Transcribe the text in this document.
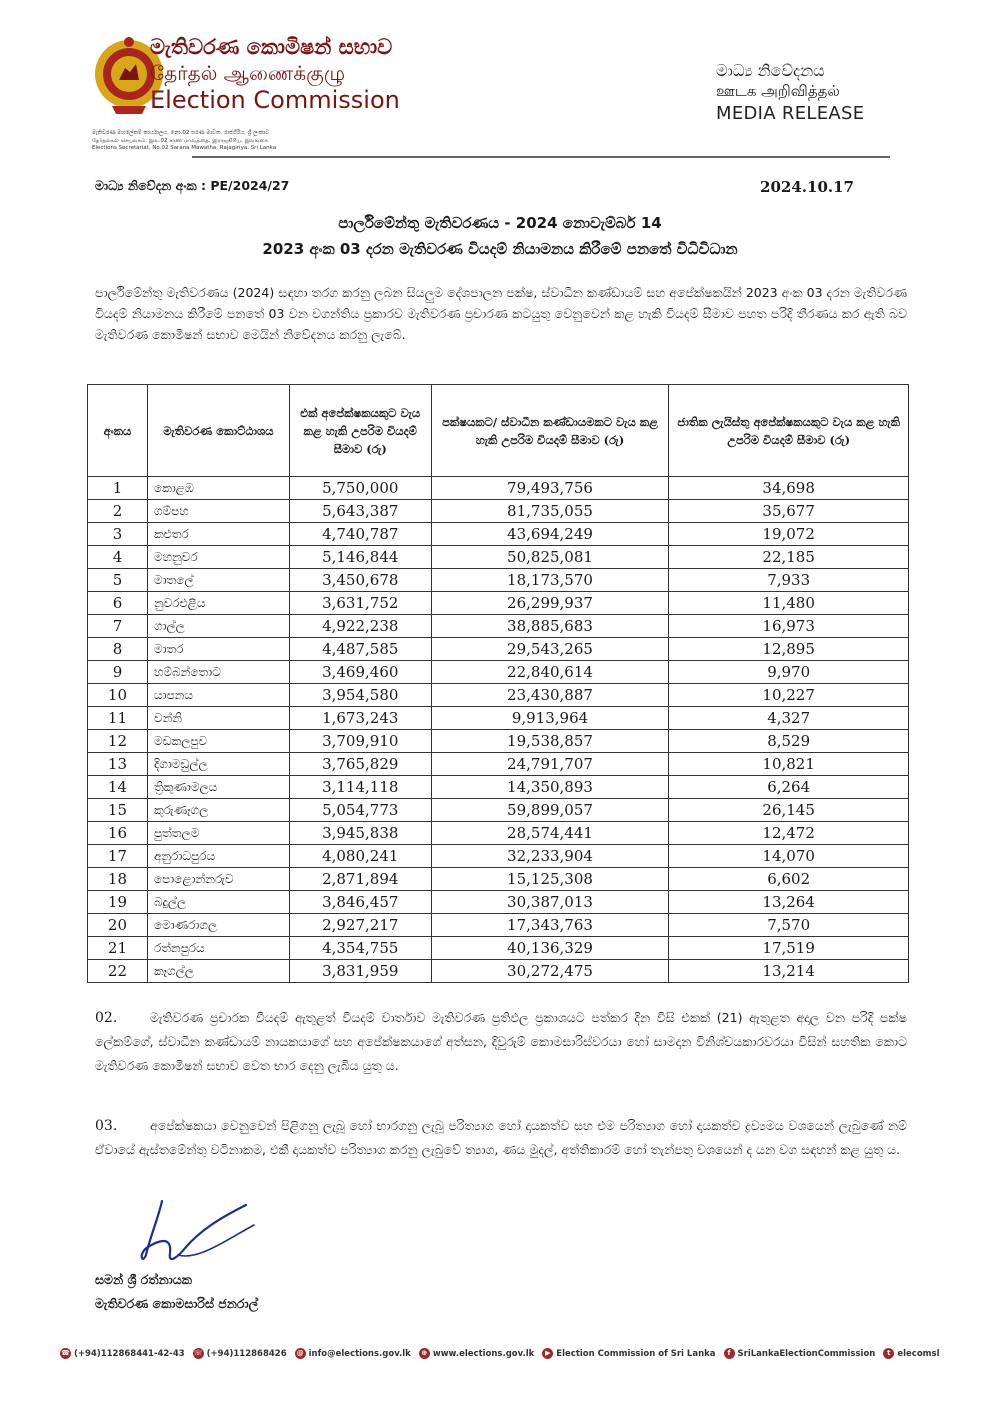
මැතිවරණ කොමිෂන් සභාව
தேர்தல் ஆணைக்குழு
Election Commission
මැතිවරණ මහලේකම් කාර්යාලය, නො.02 සරණ මාවත, රාජගිරිය, ශ්‍රී ලංකාව
தேர்தல்கள் செயலகம், இல.02 சரண மாவத்தை, இராஜகிரிய, இலங்கை
Elections Secretariat, No.02 Sarana Mawatha, Rajagiriya, Sri Lanka
මාධ්‍ය නිවේදනය
ஊடக அறிவித்தல்
MEDIA RELEASE
මාධ්‍ය නිවේදන අංක : PE/2024/27	2024.10.17
පාර්ලිමේන්තු මැතිවරණය - 2024 නොවැම්බර් 14
2023 අංක 03 දරන මැතිවරණ වියදම් නියාමනය කිරීමේ පනතේ විධිවිධාන

පාර්ලිමේන්තු මැතිවරණය (2024) සඳහා තරග කරනු ලබන සියලුම දේශපාලන පක්ෂ, ස්වාධීන කණ්ඩායම් සහ අපේක්ෂකයින් 2023 අංක 03 දරන මැතිවරණ වියදම් නියාමනය කිරීමේ පනතේ 03 වන වගන්තිය ප්‍රකාරව මැතිවරණ ප්‍රචාරණ කටයුතු වෙනුවෙන් කළ හැකි වියදම් සීමාව පහත පරිදි තීරණය කර ඇති බව මැතිවරණ කොමිෂන් සභාව මෙයින් නිවේදනය කරනු ලැබේ.

අංකය	මැතිවරණ කොට්ඨාශය	එක් අපේක්ෂකයකුට වැය කළ හැකි උපරිම වියදම් සීමාව (රු)	පක්ෂයකට/ ස්වාධීන කණ්ඩායමකට වැය කළ හැකි උපරිම වියදම් සීමාව (රු)	ජාතික ලැයිස්තු අපේක්ෂකයකුට වැය කළ හැකි උපරිම වියදම් සීමාව (රු)
1	කොළඹ	5,750,000	79,493,756	34,698
2	ගම්පහ	5,643,387	81,735,055	35,677
3	කළුතර	4,740,787	43,694,249	19,072
4	මහනුවර	5,146,844	50,825,081	22,185
5	මාතලේ	3,450,678	18,173,570	7,933
6	නුවරඑළිය	3,631,752	26,299,937	11,480
7	ගාල්ල	4,922,238	38,885,683	16,973
8	මාතර	4,487,585	29,543,265	12,895
9	හම්බන්තොට	3,469,460	22,840,614	9,970
10	යාපනය	3,954,580	23,430,887	10,227
11	වන්නි	1,673,243	9,913,964	4,327
12	මඩකලපුව	3,709,910	19,538,857	8,529
13	දිගාමඩුල්ල	3,765,829	24,791,707	10,821
14	ත්‍රිකුණාමලය	3,114,118	14,350,893	6,264
15	කුරුණෑගල	5,054,773	59,899,057	26,145
16	පුත්තලම	3,945,838	28,574,441	12,472
17	අනුරාධපුරය	4,080,241	32,233,904	14,070
18	පොළොන්නරුව	2,871,894	15,125,308	6,602
19	බදුල්ල	3,846,457	30,387,013	13,264
20	මොණරාගල	2,927,217	17,343,763	7,570
21	රත්නපුරය	4,354,755	40,136,329	17,519
22	කෑගල්ල	3,831,959	30,272,475	13,214
02.	මැතිවරණ ප්‍රචාරක වියදම් ඇතුළත් වියදම් වාර්තාව මැතිවරණ ප්‍රතිඵල ප්‍රකාශයට පත්කර දින විසි එකක් (21) ඇතුළත අදාල වන පරිදි පක්ෂ ලේකම්ගේ, ස්වාධීන කණ්ඩායම් නායකයාගේ සහ අපේක්ෂකයාගේ අත්සන, දිවුරුම් කොමසාරිස්වරයා හෝ සාමදාන විනිශ්චයකාරවරයා විසින් සහතික කොට මැතිවරණ කොමිෂන් සභාව වෙත භාර දෙනු ලැබිය යුතු ය.
03.	අපේක්ෂකයා වෙනුවෙන් පිළිගනු ලැබූ හෝ භාරගනු ලැබූ පරිත්‍යාග හෝ දායකත්ව සහ එම පරිත්‍යාග හෝ දායකත්ව ද්‍රව්‍යමය වශයෙන් ලැබුණේ නම් ඒවායේ ඇස්තමේන්තු වටිනාකම, එකී දායකත්ව පරිත්‍යාග කරනු ලැබුවේ ත්‍යාග, ණය මුදල්, අත්තිකාරම් හෝ තැන්පතු වශයෙන් ද යන වග සඳහන් කළ යුතු ය.
සමන් ශ්‍රී රත්නායක
මැතිවරණ කොමසාරිස් ජනරාල්
☎ (+94)112868441-42-43 ☏ (+94)112868426 @ info@elections.gov.lk	⊕ www.elections.gov.lk	▶ Election Commission of Sri Lanka	f SriLankaElectionCommission	t elecomsl
